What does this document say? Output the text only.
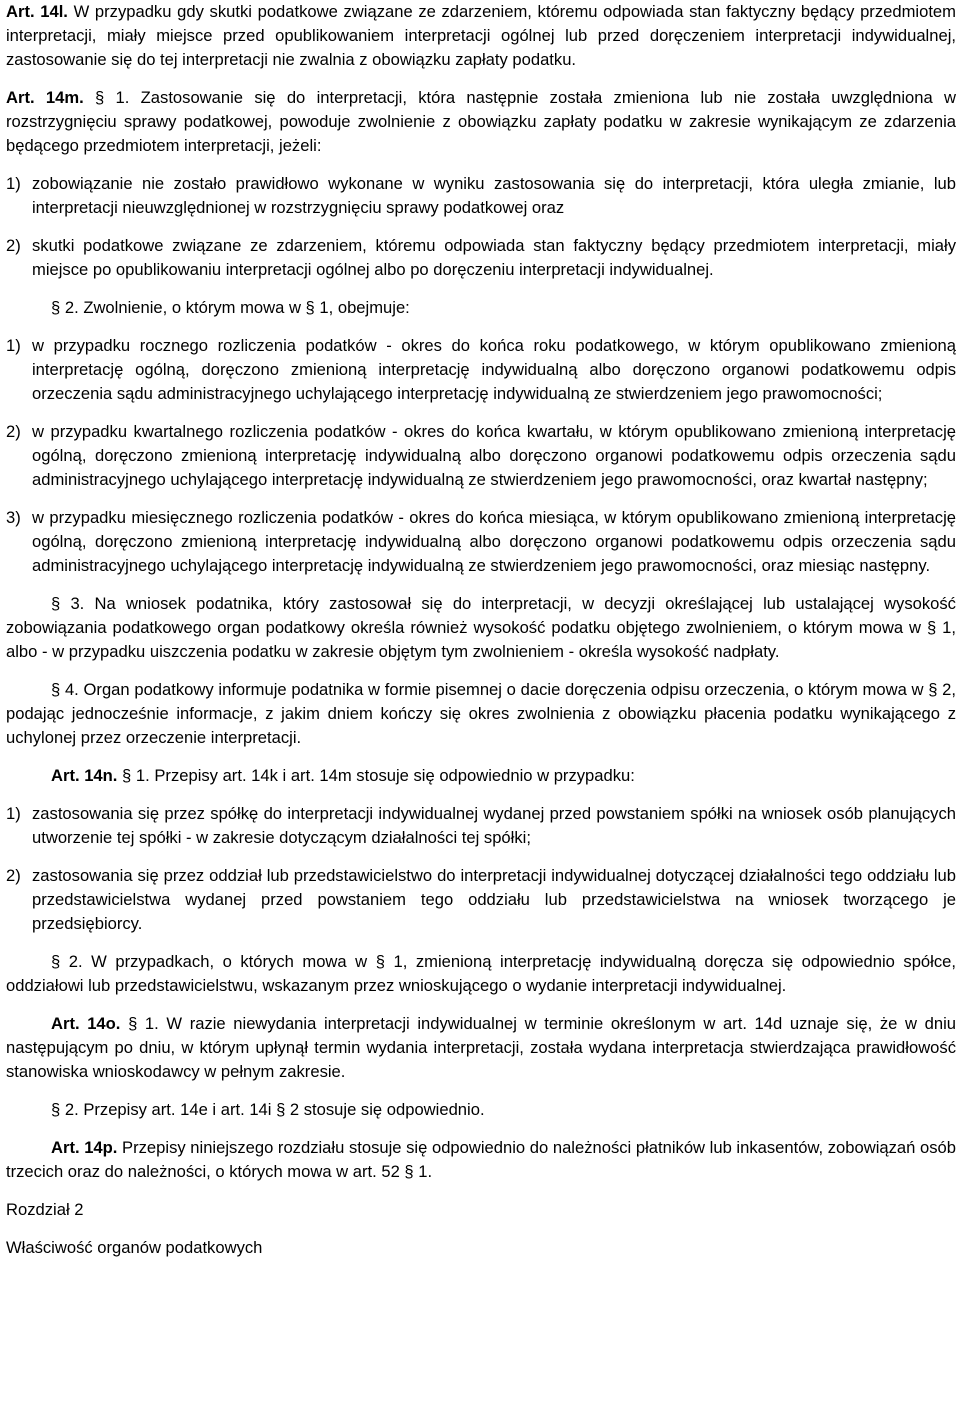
Art. 14l. W przypadku gdy skutki podatkowe związane ze zdarzeniem, któremu odpowiada stan faktyczny będący przedmiotem interpretacji, miały miejsce przed opublikowaniem interpretacji ogólnej lub przed doręczeniem interpretacji indywidualnej, zastosowanie się do tej interpretacji nie zwalnia z obowiązku zapłaty podatku.

Art. 14m. § 1. Zastosowanie się do interpretacji, która następnie została zmieniona lub nie została uwzględniona w rozstrzygnięciu sprawy podatkowej, powoduje zwolnienie z obowiązku zapłaty podatku w zakresie wynikającym ze zdarzenia będącego przedmiotem interpretacji, jeżeli:

1) zobowiązanie nie zostało prawidłowo wykonane w wyniku zastosowania się do interpretacji, która uległa zmianie, lub interpretacji nieuwzględnionej w rozstrzygnięciu sprawy podatkowej oraz
2) skutki podatkowe związane ze zdarzeniem, któremu odpowiada stan faktyczny będący przedmiotem interpretacji, miały miejsce po opublikowaniu interpretacji ogólnej albo po doręczeniu interpretacji indywidualnej.

§ 2. Zwolnienie, o którym mowa w § 1, obejmuje:

1) w przypadku rocznego rozliczenia podatków - okres do końca roku podatkowego, w którym opublikowano zmienioną interpretację ogólną, doręczono zmienioną interpretację indywidualną albo doręczono organowi podatkowemu odpis orzeczenia sądu administracyjnego uchylającego interpretację indywidualną ze stwierdzeniem jego prawomocności;
2) w przypadku kwartalnego rozliczenia podatków - okres do końca kwartału, w którym opublikowano zmienioną interpretację ogólną, doręczono zmienioną interpretację indywidualną albo doręczono organowi podatkowemu odpis orzeczenia sądu administracyjnego uchylającego interpretację indywidualną ze stwierdzeniem jego prawomocności, oraz kwartał następny;
3) w przypadku miesięcznego rozliczenia podatków - okres do końca miesiąca, w którym opublikowano zmienioną interpretację ogólną, doręczono zmienioną interpretację indywidualną albo doręczono organowi podatkowemu odpis orzeczenia sądu administracyjnego uchylającego interpretację indywidualną ze stwierdzeniem jego prawomocności, oraz miesiąc następny.

§ 3. Na wniosek podatnika, który zastosował się do interpretacji, w decyzji określającej lub ustalającej wysokość zobowiązania podatkowego organ podatkowy określa również wysokość podatku objętego zwolnieniem, o którym mowa w § 1, albo - w przypadku uiszczenia podatku w zakresie objętym tym zwolnieniem - określa wysokość nadpłaty.

§ 4. Organ podatkowy informuje podatnika w formie pisemnej o dacie doręczenia odpisu orzeczenia, o którym mowa w § 2, podając jednocześnie informacje, z jakim dniem kończy się okres zwolnienia z obowiązku płacenia podatku wynikającego z uchylonej przez orzeczenie interpretacji.

Art. 14n. § 1. Przepisy art. 14k i art. 14m stosuje się odpowiednio w przypadku:

1) zastosowania się przez spółkę do interpretacji indywidualnej wydanej przed powstaniem spółki na wniosek osób planujących utworzenie tej spółki - w zakresie dotyczącym działalności tej spółki;
2) zastosowania się przez oddział lub przedstawicielstwo do interpretacji indywidualnej dotyczącej działalności tego oddziału lub przedstawicielstwa wydanej przed powstaniem tego oddziału lub przedstawicielstwa na wniosek tworzącego je przedsiębiorcy.

§ 2. W przypadkach, o których mowa w § 1, zmienioną interpretację indywidualną doręcza się odpowiednio spółce, oddziałowi lub przedstawicielstwu, wskazanym przez wnioskującego o wydanie interpretacji indywidualnej.

Art. 14o. § 1. W razie niewydania interpretacji indywidualnej w terminie określonym w art. 14d uznaje się, że w dniu następującym po dniu, w którym upłynął termin wydania interpretacji, została wydana interpretacja stwierdzająca prawidłowość stanowiska wnioskodawcy w pełnym zakresie.

§ 2. Przepisy art. 14e i art. 14i § 2 stosuje się odpowiednio.

Art. 14p. Przepisy niniejszego rozdziału stosuje się odpowiednio do należności płatników lub inkasentów, zobowiązań osób trzecich oraz do należności, o których mowa w art. 52 § 1.

Rozdział 2

Właściwość organów podatkowych
